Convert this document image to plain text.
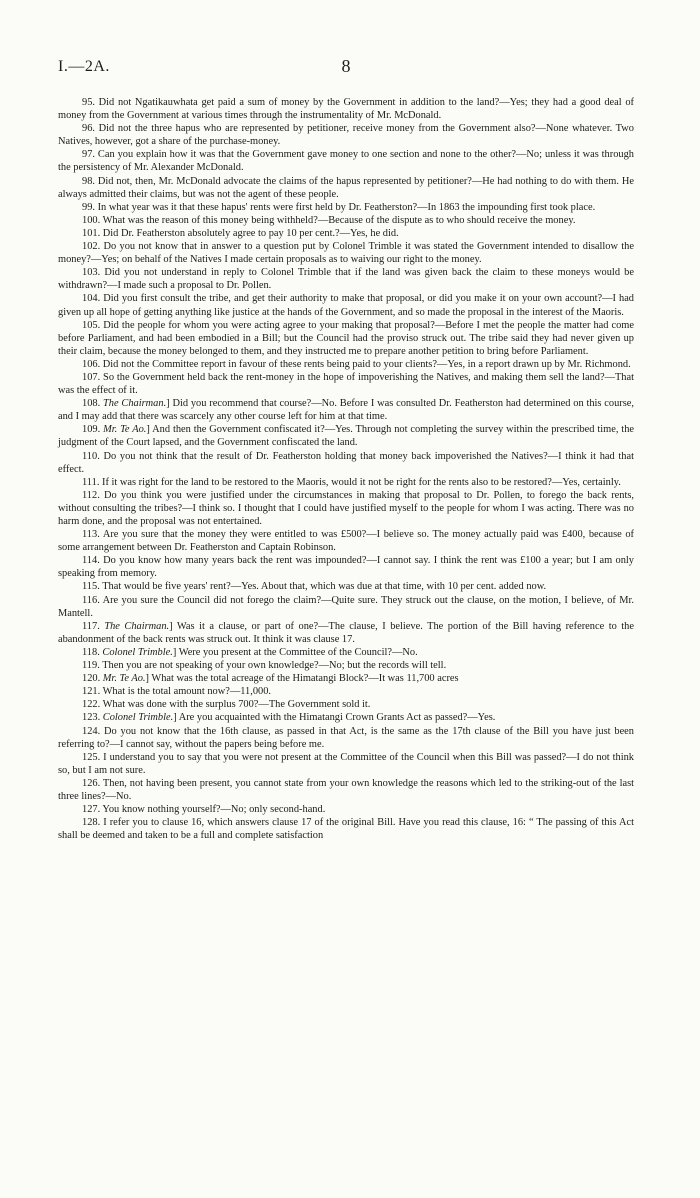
I.—2A.	8

95. Did not Ngatikauwhata get paid a sum of money by the Government in addition to the land?—Yes; they had a good deal of money from the Government at various times through the instrumentality of Mr. McDonald.

96. Did not the three hapus who are represented by petitioner, receive money from the Government also?—None whatever. Two Natives, however, got a share of the purchase-money.

97. Can you explain how it was that the Government gave money to one section and none to the other?—No; unless it was through the persistency of Mr. Alexander McDonald.

98. Did not, then, Mr. McDonald advocate the claims of the hapus represented by petitioner?—He had nothing to do with them. He always admitted their claims, but was not the agent of these people.

99. In what year was it that these hapus' rents were first held by Dr. Featherston?—In 1863 the impounding first took place.

100. What was the reason of this money being withheld?—Because of the dispute as to who should receive the money.

101. Did Dr. Featherston absolutely agree to pay 10 per cent.?—Yes, he did.

102. Do you not know that in answer to a question put by Colonel Trimble it was stated the Government intended to disallow the money?—Yes; on behalf of the Natives I made certain proposals as to waiving our right to the money.

103. Did you not understand in reply to Colonel Trimble that if the land was given back the claim to these moneys would be withdrawn?—I made such a proposal to Dr. Pollen.

104. Did you first consult the tribe, and get their authority to make that proposal, or did you make it on your own account?—I had given up all hope of getting anything like justice at the hands of the Government, and so made the proposal in the interest of the Maoris.

105. Did the people for whom you were acting agree to your making that proposal?—Before I met the people the matter had come before Parliament, and had been embodied in a Bill; but the Council had the proviso struck out. The tribe said they had never given up their claim, because the money belonged to them, and they instructed me to prepare another petition to bring before Parliament.

106. Did not the Committee report in favour of these rents being paid to your clients?—Yes, in a report drawn up by Mr. Richmond.

107. So the Government held back the rent-money in the hope of impoverishing the Natives, and making them sell the land?—That was the effect of it.

108. The Chairman.] Did you recommend that course?—No. Before I was consulted Dr. Featherston had determined on this course, and I may add that there was scarcely any other course left for him at that time.

109. Mr. Te Ao.] And then the Government confiscated it?—Yes. Through not completing the survey within the prescribed time, the judgment of the Court lapsed, and the Government confiscated the land.

110. Do you not think that the result of Dr. Featherston holding that money back impoverished the Natives?—I think it had that effect.

111. If it was right for the land to be restored to the Maoris, would it not be right for the rents also to be restored?—Yes, certainly.

112. Do you think you were justified under the circumstances in making that proposal to Dr. Pollen, to forego the back rents, without consulting the tribes?—I think so. I thought that I could have justified myself to the people for whom I was acting. There was no harm done, and the proposal was not entertained.

113. Are you sure that the money they were entitled to was £500?—I believe so. The money actually paid was £400, because of some arrangement between Dr. Featherston and Captain Robinson.

114. Do you know how many years back the rent was impounded?—I cannot say. I think the rent was £100 a year; but I am only speaking from memory.

115. That would be five years' rent?—Yes. About that, which was due at that time, with 10 per cent. added now.

116. Are you sure the Council did not forego the claim?—Quite sure. They struck out the clause, on the motion, I believe, of Mr. Mantell.

117. The Chairman.] Was it a clause, or part of one?—The clause, I believe. The portion of the Bill having reference to the abandonment of the back rents was struck out. It think it was clause 17.

118. Colonel Trimble.] Were you present at the Committee of the Council?—No.

119. Then you are not speaking of your own knowledge?—No; but the records will tell.

120. Mr. Te Ao.] What was the total acreage of the Himatangi Block?—It was 11,700 acres

121. What is the total amount now?—11,000.

122. What was done with the surplus 700?—The Government sold it.

123. Colonel Trimble.] Are you acquainted with the Himatangi Crown Grants Act as passed?—Yes.

124. Do you not know that the 16th clause, as passed in that Act, is the same as the 17th clause of the Bill you have just been referring to?—I cannot say, without the papers being before me.

125. I understand you to say that you were not present at the Committee of the Council when this Bill was passed?—I do not think so, but I am not sure.

126. Then, not having been present, you cannot state from your own knowledge the reasons which led to the striking-out of the last three lines?—No.

127. You know nothing yourself?—No; only second-hand.

128. I refer you to clause 16, which answers clause 17 of the original Bill. Have you read this clause, 16: “ The passing of this Act shall be deemed and taken to be a full and complete satisfaction
